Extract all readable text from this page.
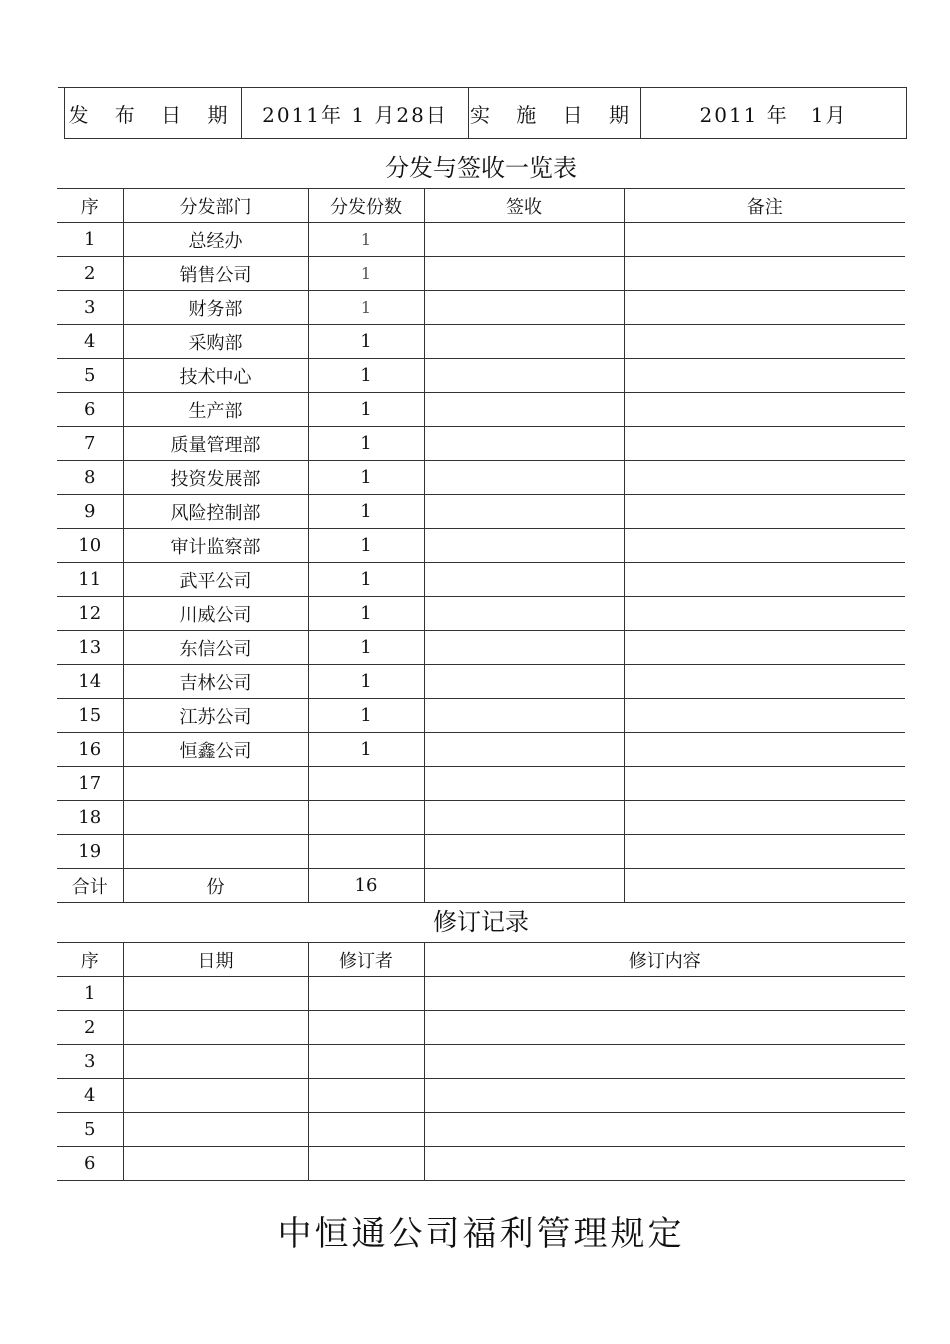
发 布 日 期	2011年 1 月28日	实 施 日 期	2011 年　1月
分发与签收一览表
序	分发部门	分发份数	签收	备注
1	总经办	1		
2	销售公司	1		
3	财务部	1		
4	采购部	1		
5	技术中心	1		
6	生产部	1		
7	质量管理部	1		
8	投资发展部	1		
9	风险控制部	1		
10	审计监察部	1		
11	武平公司	1		
12	川威公司	1		
13	东信公司	1		
14	吉林公司	1		
15	江苏公司	1		
16	恒鑫公司	1		
17				
18				
19				
合计	份	16		
修订记录
序	日期	修订者	修订内容
1			
2			
3			
4			
5			
6			
中恒通公司福利管理规定
